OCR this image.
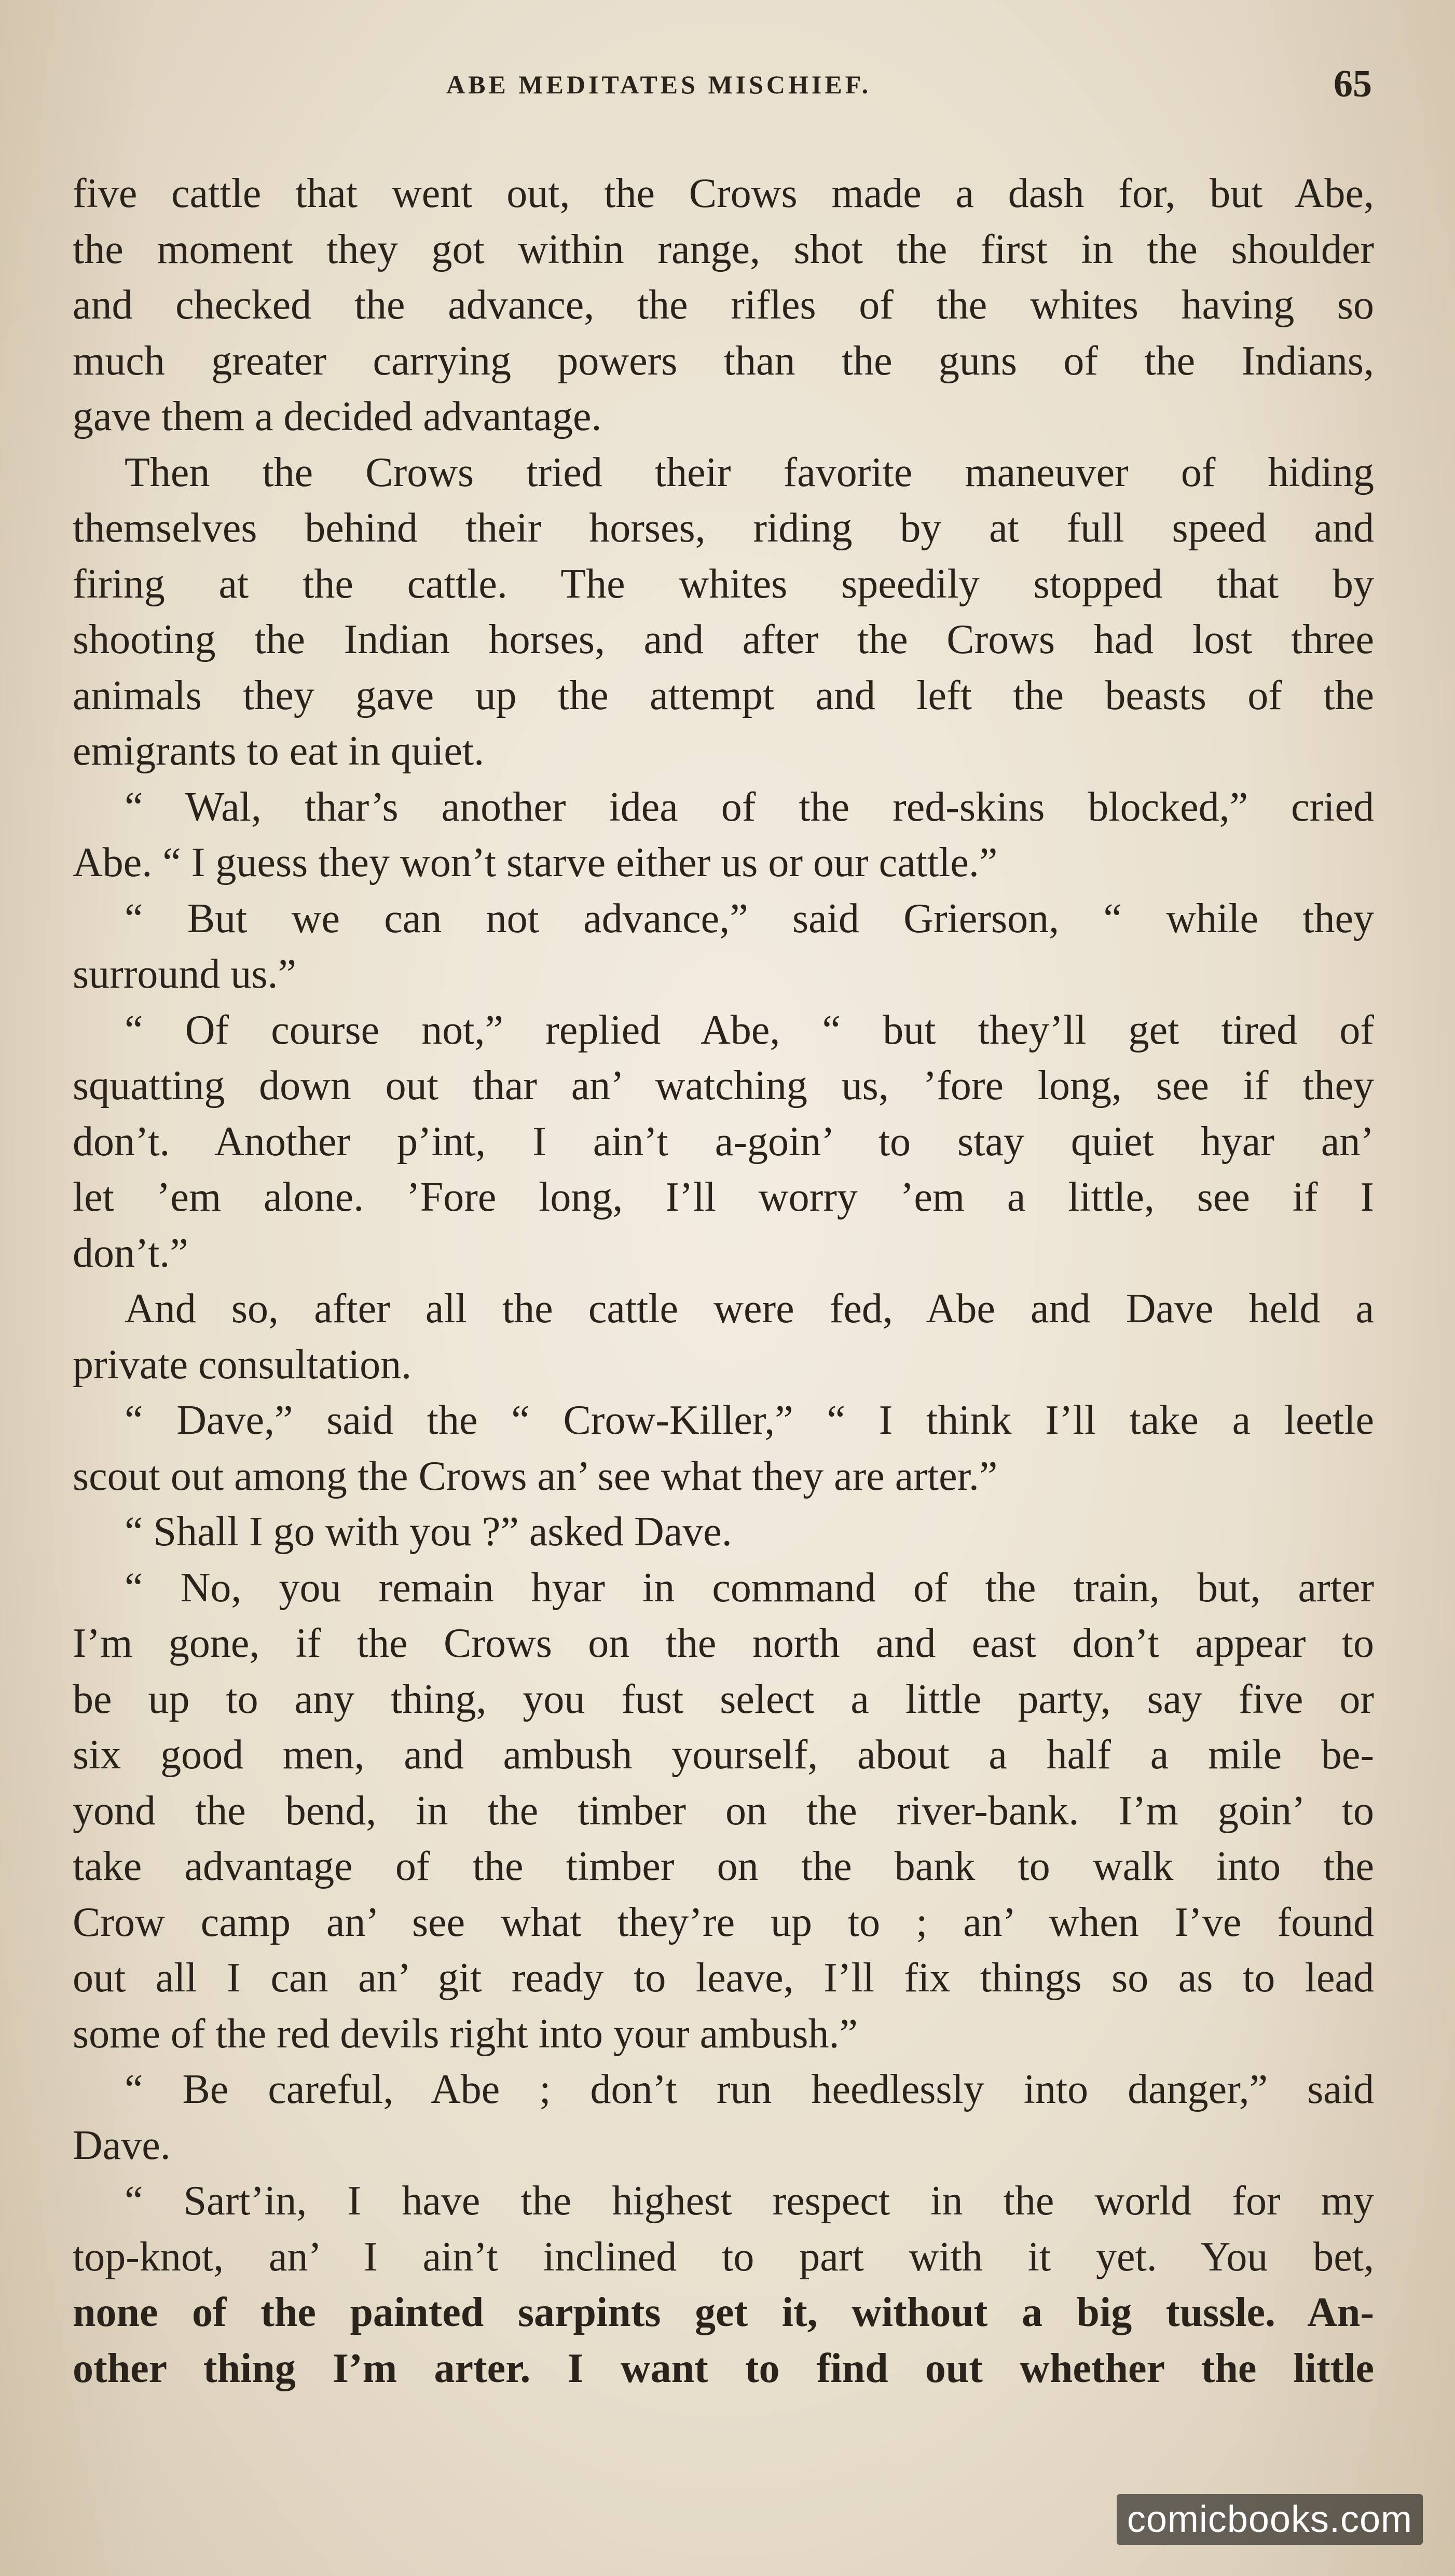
ABE MEDITATES MISCHIEF.	65
five cattle that went out, the Crows made a dash for, but Abe,
the moment they got within range, shot the first in the shoulder
and checked the advance, the rifles of the whites having so
much greater carrying powers than the guns of the Indians,
gave them a decided advantage.
Then the Crows tried their favorite maneuver of hiding
themselves behind their horses, riding by at full speed and
firing at the cattle. The whites speedily stopped that by
shooting the Indian horses, and after the Crows had lost three
animals they gave up the attempt and left the beasts of the
emigrants to eat in quiet.
“ Wal, thar’s another idea of the red-skins blocked,” cried
Abe. “ I guess they won’t starve either us or our cattle.”
“ But we can not advance,” said Grierson, “ while they
surround us.”
“ Of course not,” replied Abe, “ but they’ll get tired of
squatting down out thar an’ watching us, ’fore long, see if they
don’t. Another p’int, I ain’t a-goin’ to stay quiet hyar an’
let ’em alone. ’Fore long, I’ll worry ’em a little, see if I
don’t.”
And so, after all the cattle were fed, Abe and Dave held a
private consultation.
“ Dave,” said the “ Crow-Killer,” “ I think I’ll take a leetle
scout out among the Crows an’ see what they are arter.”
“ Shall I go with you ?” asked Dave.
“ No, you remain hyar in command of the train, but, arter
I’m gone, if the Crows on the north and east don’t appear to
be up to any thing, you fust select a little party, say five or
six good men, and ambush yourself, about a half a mile be-
yond the bend, in the timber on the river-bank. I’m goin’ to
take advantage of the timber on the bank to walk into the
Crow camp an’ see what they’re up to ; an’ when I’ve found
out all I can an’ git ready to leave, I’ll fix things so as to lead
some of the red devils right into your ambush.”
“ Be careful, Abe ; don’t run heedlessly into danger,” said
Dave.
“ Sart’in, I have the highest respect in the world for my
top-knot, an’ I ain’t inclined to part with it yet. You bet,
none of the painted sarpints get it, without a big tussle. An-
other thing I’m arter. I want to find out whether the little
comicbooks.com
